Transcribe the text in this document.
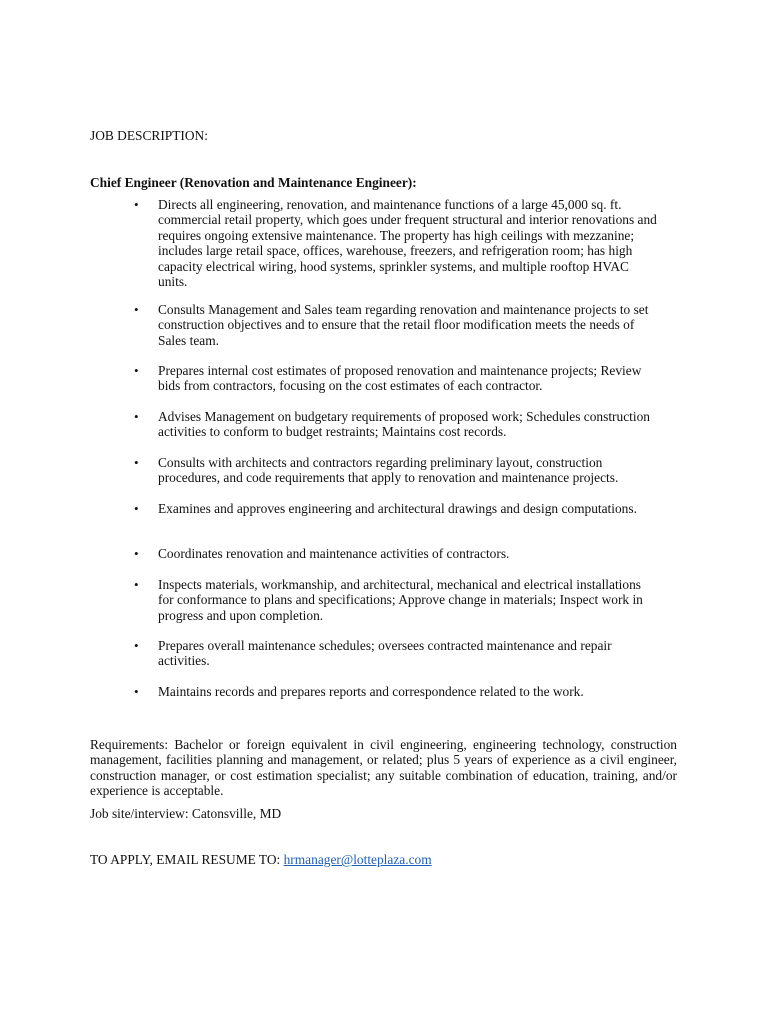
JOB DESCRIPTION:
Chief Engineer (Renovation and Maintenance Engineer):
• Directs all engineering, renovation, and maintenance functions of a large 45,000 sq. ft. commercial retail property, which goes under frequent structural and interior renovations and requires ongoing extensive maintenance. The property has high ceilings with mezzanine; includes large retail space, offices, warehouse, freezers, and refrigeration room; has high capacity electrical wiring, hood systems, sprinkler systems, and multiple rooftop HVAC units.
• Consults Management and Sales team regarding renovation and maintenance projects to set construction objectives and to ensure that the retail floor modification meets the needs of Sales team.
• Prepares internal cost estimates of proposed renovation and maintenance projects; Review bids from contractors, focusing on the cost estimates of each contractor.
• Advises Management on budgetary requirements of proposed work; Schedules construction activities to conform to budget restraints; Maintains cost records.
• Consults with architects and contractors regarding preliminary layout, construction procedures, and code requirements that apply to renovation and maintenance projects.
• Examines and approves engineering and architectural drawings and design computations.
• Coordinates renovation and maintenance activities of contractors.
• Inspects materials, workmanship, and architectural, mechanical and electrical installations for conformance to plans and specifications; Approve change in materials; Inspect work in progress and upon completion.
• Prepares overall maintenance schedules; oversees contracted maintenance and repair activities.
• Maintains records and prepares reports and correspondence related to the work.
Requirements: Bachelor or foreign equivalent in civil engineering, engineering technology, construction management, facilities planning and management, or related; plus 5 years of experience as a civil engineer, construction manager, or cost estimation specialist; any suitable combination of education, training, and/or experience is acceptable.
Job site/interview: Catonsville, MD
TO APPLY, EMAIL RESUME TO: hrmanager@lotteplaza.com
